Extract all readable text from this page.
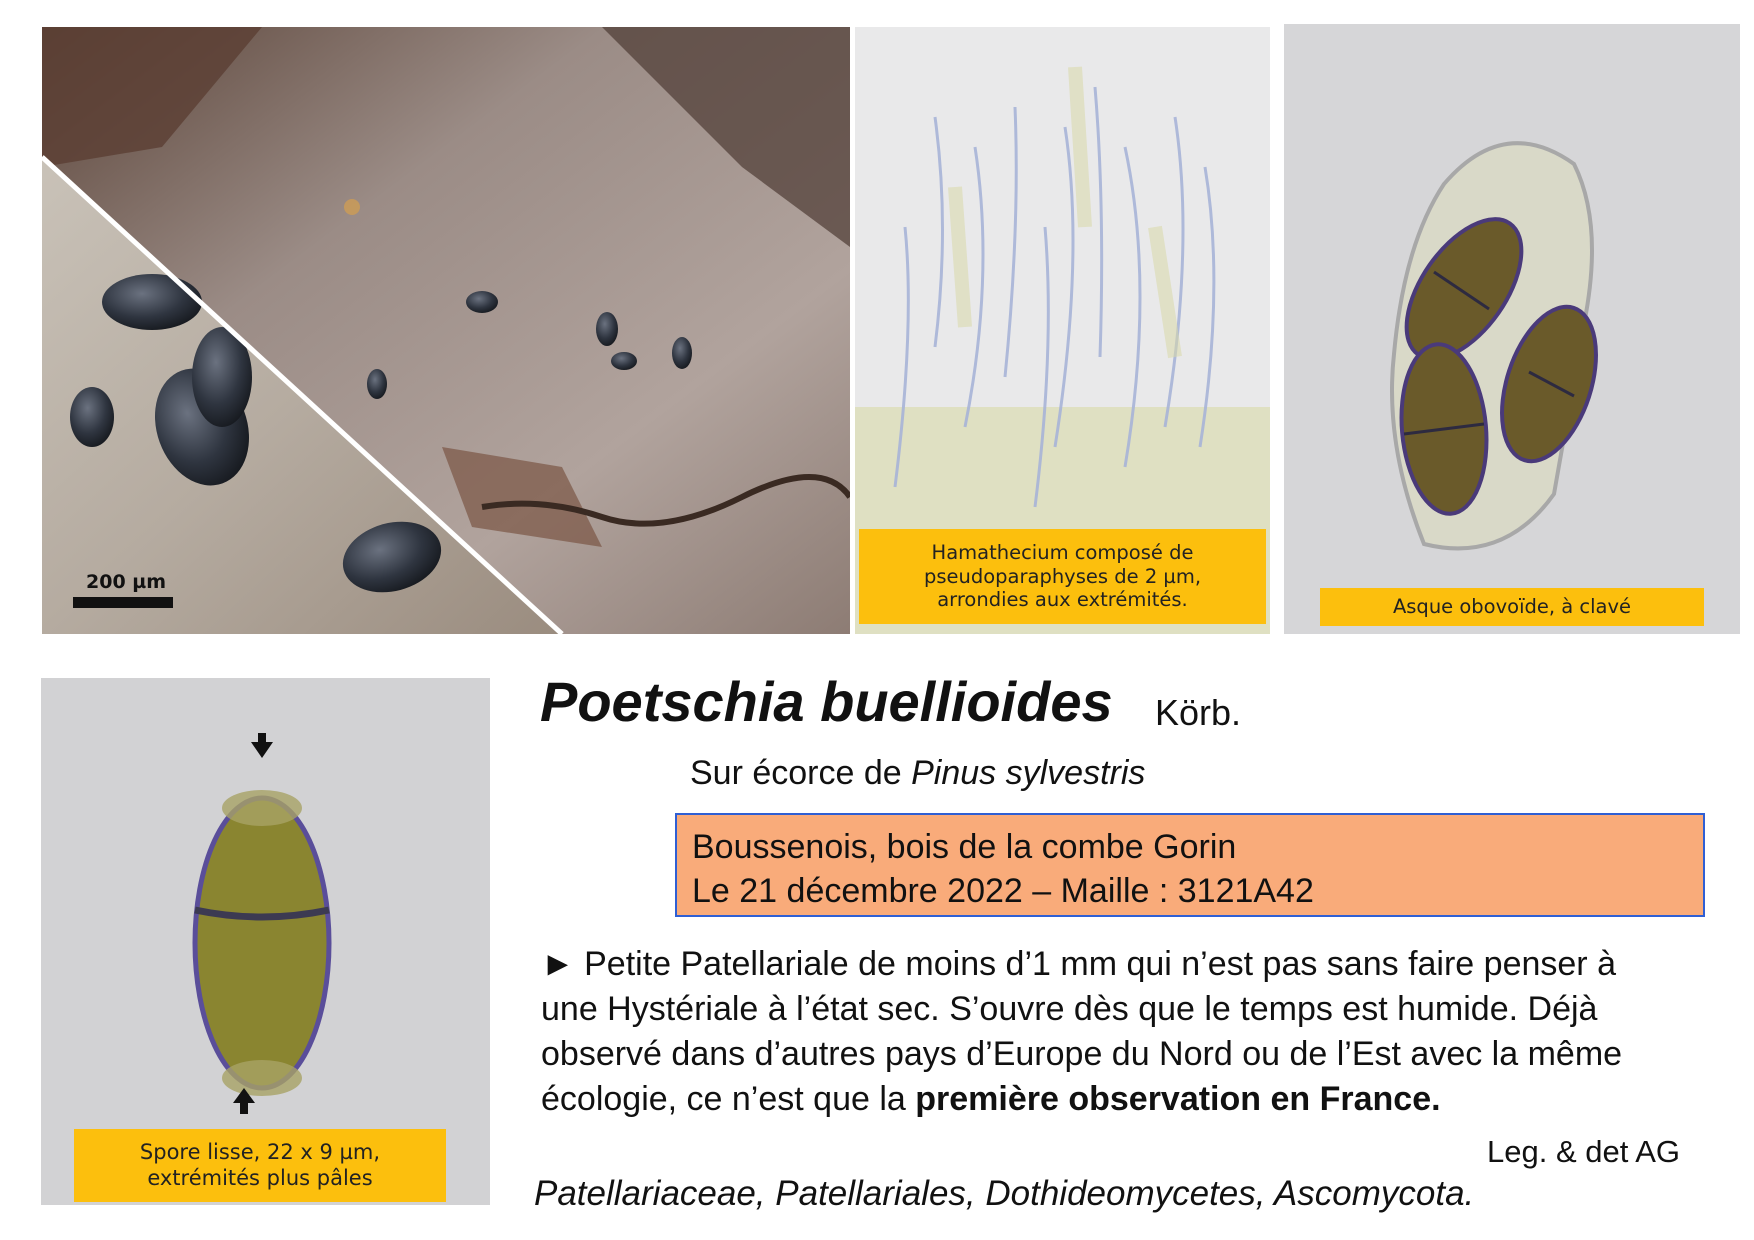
200 µm
Hamathecium composé de
pseudoparaphyses de 2 µm,
arrondies aux extrémités.	Asque obovoïde, à clavé
Spore lisse, 22 x 9 µm,
extrémités plus pâles
Poetschia buellioides Körb.
Sur écorce de Pinus sylvestris
Boussenois, bois de la combe Gorin
Le 21 décembre 2022 – Maille : 3121A42
► Petite Patellariale de moins d’1 mm qui n’est pas sans faire penser à une Hystériale à l’état sec. S’ouvre dès que le temps est humide. Déjà observé dans d’autres pays d’Europe du Nord ou de l’Est avec la même écologie, ce n’est que la première observation en France.
Leg. & det AG
Patellariaceae, Patellariales, Dothideomycetes, Ascomycota.
